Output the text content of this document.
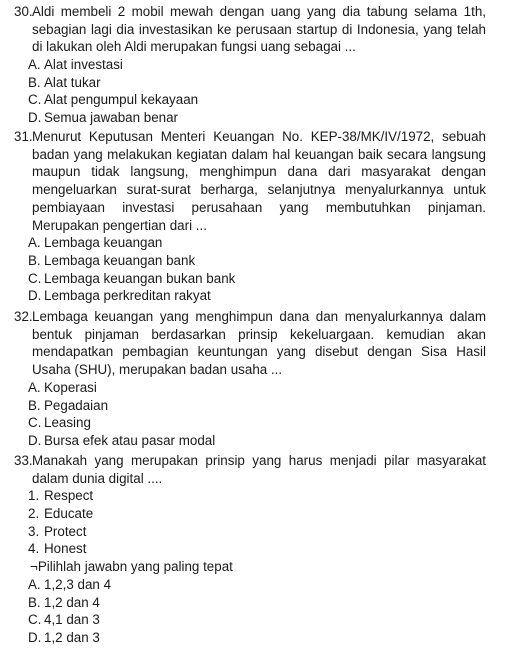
30. Aldi membeli 2 mobil mewah dengan uang yang dia tabung selama 1th, sebagian lagi dia investasikan ke perusaan startup di Indonesia, yang telah di lakukan oleh Aldi merupakan fungsi uang sebagai ...

A. Alat investasi
B. Alat tukar
C. Alat pengumpul kekayaan
D. Semua jawaban benar

31. Menurut Keputusan Menteri Keuangan No. KEP-38/MK/IV/1972, sebuah badan yang melakukan kegiatan dalam hal keuangan baik secara langsung maupun tidak langsung, menghimpun dana dari masyarakat dengan mengeluarkan surat-surat berharga, selanjutnya menyalurkannya untuk pembiayaan investasi perusahaan yang membutuhkan pinjaman. Merupakan pengertian dari ...

A. Lembaga keuangan
B. Lembaga keuangan bank
C. Lembaga keuangan bukan bank
D. Lembaga perkreditan rakyat

32. Lembaga keuangan yang menghimpun dana dan menyalurkannya dalam bentuk pinjaman berdasarkan prinsip kekeluargaan. kemudian akan mendapatkan pembagian keuntungan yang disebut dengan Sisa Hasil Usaha (SHU), merupakan badan usaha ...

A. Koperasi
B. Pegadaian
C. Leasing
D. Bursa efek atau pasar modal

33. Manakah yang merupakan prinsip yang harus menjadi pilar masyarakat dalam dunia digital ....

1. Respect
2. Educate
3. Protect
4. Honest
¬Pilihlah jawabn yang paling tepat
A. 1,2,3 dan 4
B. 1,2 dan 4
C. 4,1 dan 3
D. 1,2 dan 3
